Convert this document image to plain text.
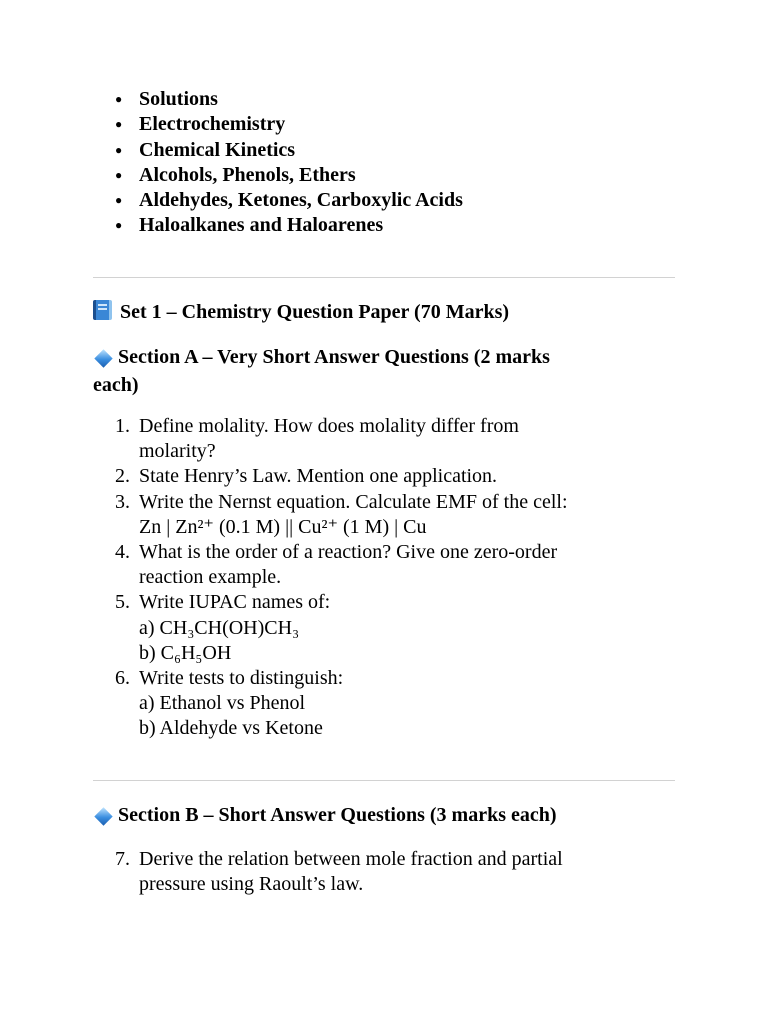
● Solutions
● Electrochemistry
● Chemical Kinetics
● Alcohols, Phenols, Ethers
● Aldehydes, Ketones, Carboxylic Acids
● Haloalkanes and Haloarenes
Set 1 – Chemistry Question Paper (70 Marks)
Section A – Very Short Answer Questions (2 marks
each)
1. Define molality. How does molality differ from
molarity?
2. State Henry’s Law. Mention one application.
3. Write the Nernst equation. Calculate EMF of the cell:
Zn | Zn²⁺ (0.1 M) || Cu²⁺ (1 M) | Cu
4. What is the order of a reaction? Give one zero-order
reaction example.
5. Write IUPAC names of:
a) CH₃CH(OH)CH₃
b) C₆H₅OH
6. Write tests to distinguish:
a) Ethanol vs Phenol
b) Aldehyde vs Ketone
Section B – Short Answer Questions (3 marks each)
7. Derive the relation between mole fraction and partial
pressure using Raoult’s law.
